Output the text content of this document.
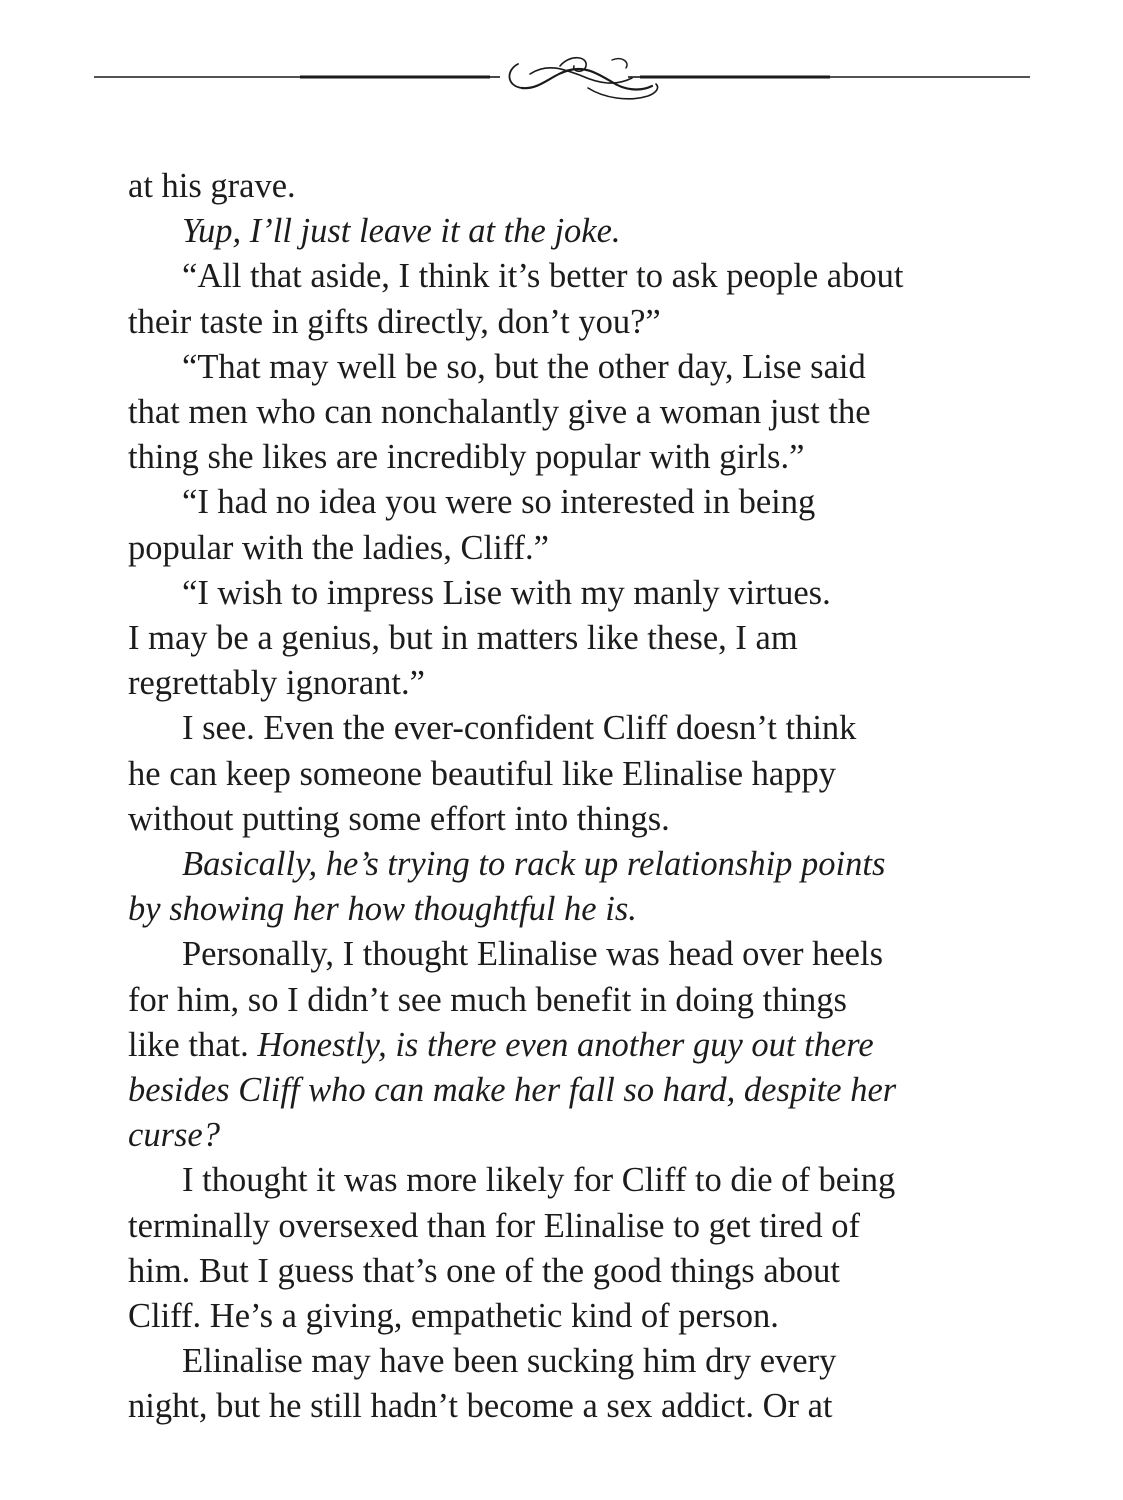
at his grave.

Yup, I’ll just leave it at the joke.

“All that aside, I think it’s better to ask people about

their taste in gifts directly, don’t you?”

“That may well be so, but the other day, Lise said

that men who can nonchalantly give a woman just the

thing she likes are incredibly popular with girls.”

“I had no idea you were so interested in being

popular with the ladies, Cliff.”

“I wish to impress Lise with my manly virtues.

I may be a genius, but in matters like these, I am

regrettably ignorant.”

I see. Even the ever-confident Cliff doesn’t think

he can keep someone beautiful like Elinalise happy

without putting some effort into things.

Basically, he’s trying to rack up relationship points

by showing her how thoughtful he is.

Personally, I thought Elinalise was head over heels

for him, so I didn’t see much benefit in doing things

like that. Honestly, is there even another guy out there

besides Cliff who can make her fall so hard, despite her

curse?

I thought it was more likely for Cliff to die of being

terminally oversexed than for Elinalise to get tired of

him. But I guess that’s one of the good things about

Cliff. He’s a giving, empathetic kind of person.

Elinalise may have been sucking him dry every

night, but he still hadn’t become a sex addict. Or at
